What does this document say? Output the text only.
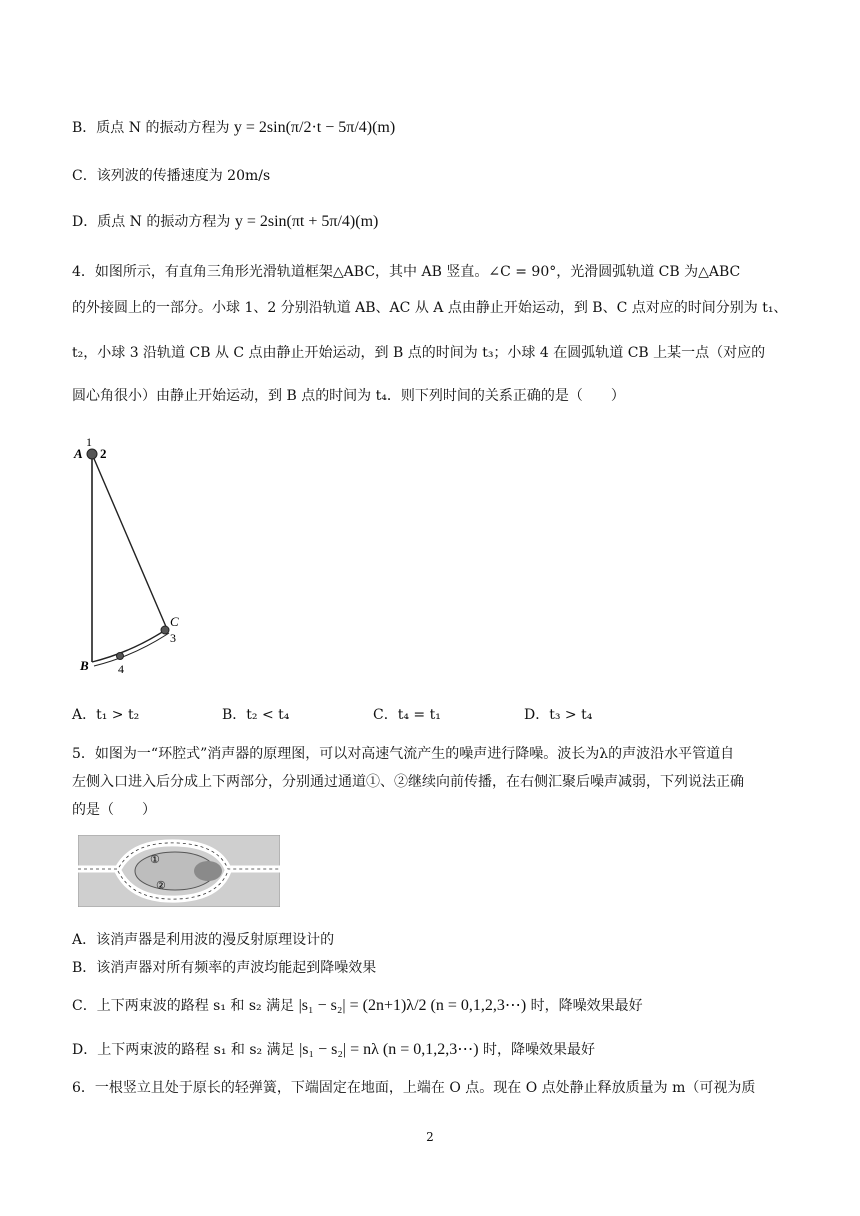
B．质点 N 的振动方程为 y = 2sin(π/2·t − 5π/4)(m)
C．该列波的传播速度为 20m/s
D．质点 N 的振动方程为 y = 2sin(πt + 5π/4)(m)
4．如图所示，有直角三角形光滑轨道框架△ABC，其中 AB 竖直。∠C = 90°，光滑圆弧轨道 CB 为△ABC
的外接圆上的一部分。小球 1、2 分别沿轨道 AB、AC 从 A 点由静止开始运动，到 B、C 点对应的时间分别为 t₁、
t₂，小球 3 沿轨道 CB 从 C 点由静止开始运动，到 B 点的时间为 t₃；小球 4 在圆弧轨道 CB 上某一点（对应的
圆心角很小）由静止开始运动，到 B 点的时间为 t₄．则下列时间的关系正确的是（　　）
A
1
2
C
3
B 4
A．t₁ > t₂	B．t₂ < t₄	C．t₄ = t₁	D．t₃ > t₄
5．如图为一“环腔式”消声器的原理图，可以对高速气流产生的噪声进行降噪。波长为λ的声波沿水平管道自
左侧入口进入后分成上下两部分，分别通过通道①、②继续向前传播，在右侧汇聚后噪声减弱，下列说法正确
的是（　　）
①
②
A．该消声器是利用波的漫反射原理设计的
B．该消声器对所有频率的声波均能起到降噪效果
C．上下两束波的路程 s₁ 和 s₂ 满足 |s₁ − s₂| = (2n+1)λ/2 (n = 0,1,2,3⋯) 时，降噪效果最好
D．上下两束波的路程 s₁ 和 s₂ 满足 |s₁ − s₂| = nλ (n = 0,1,2,3⋯) 时，降噪效果最好
6．一根竖立且处于原长的轻弹簧，下端固定在地面，上端在 O 点。现在 O 点处静止释放质量为 m（可视为质
2
